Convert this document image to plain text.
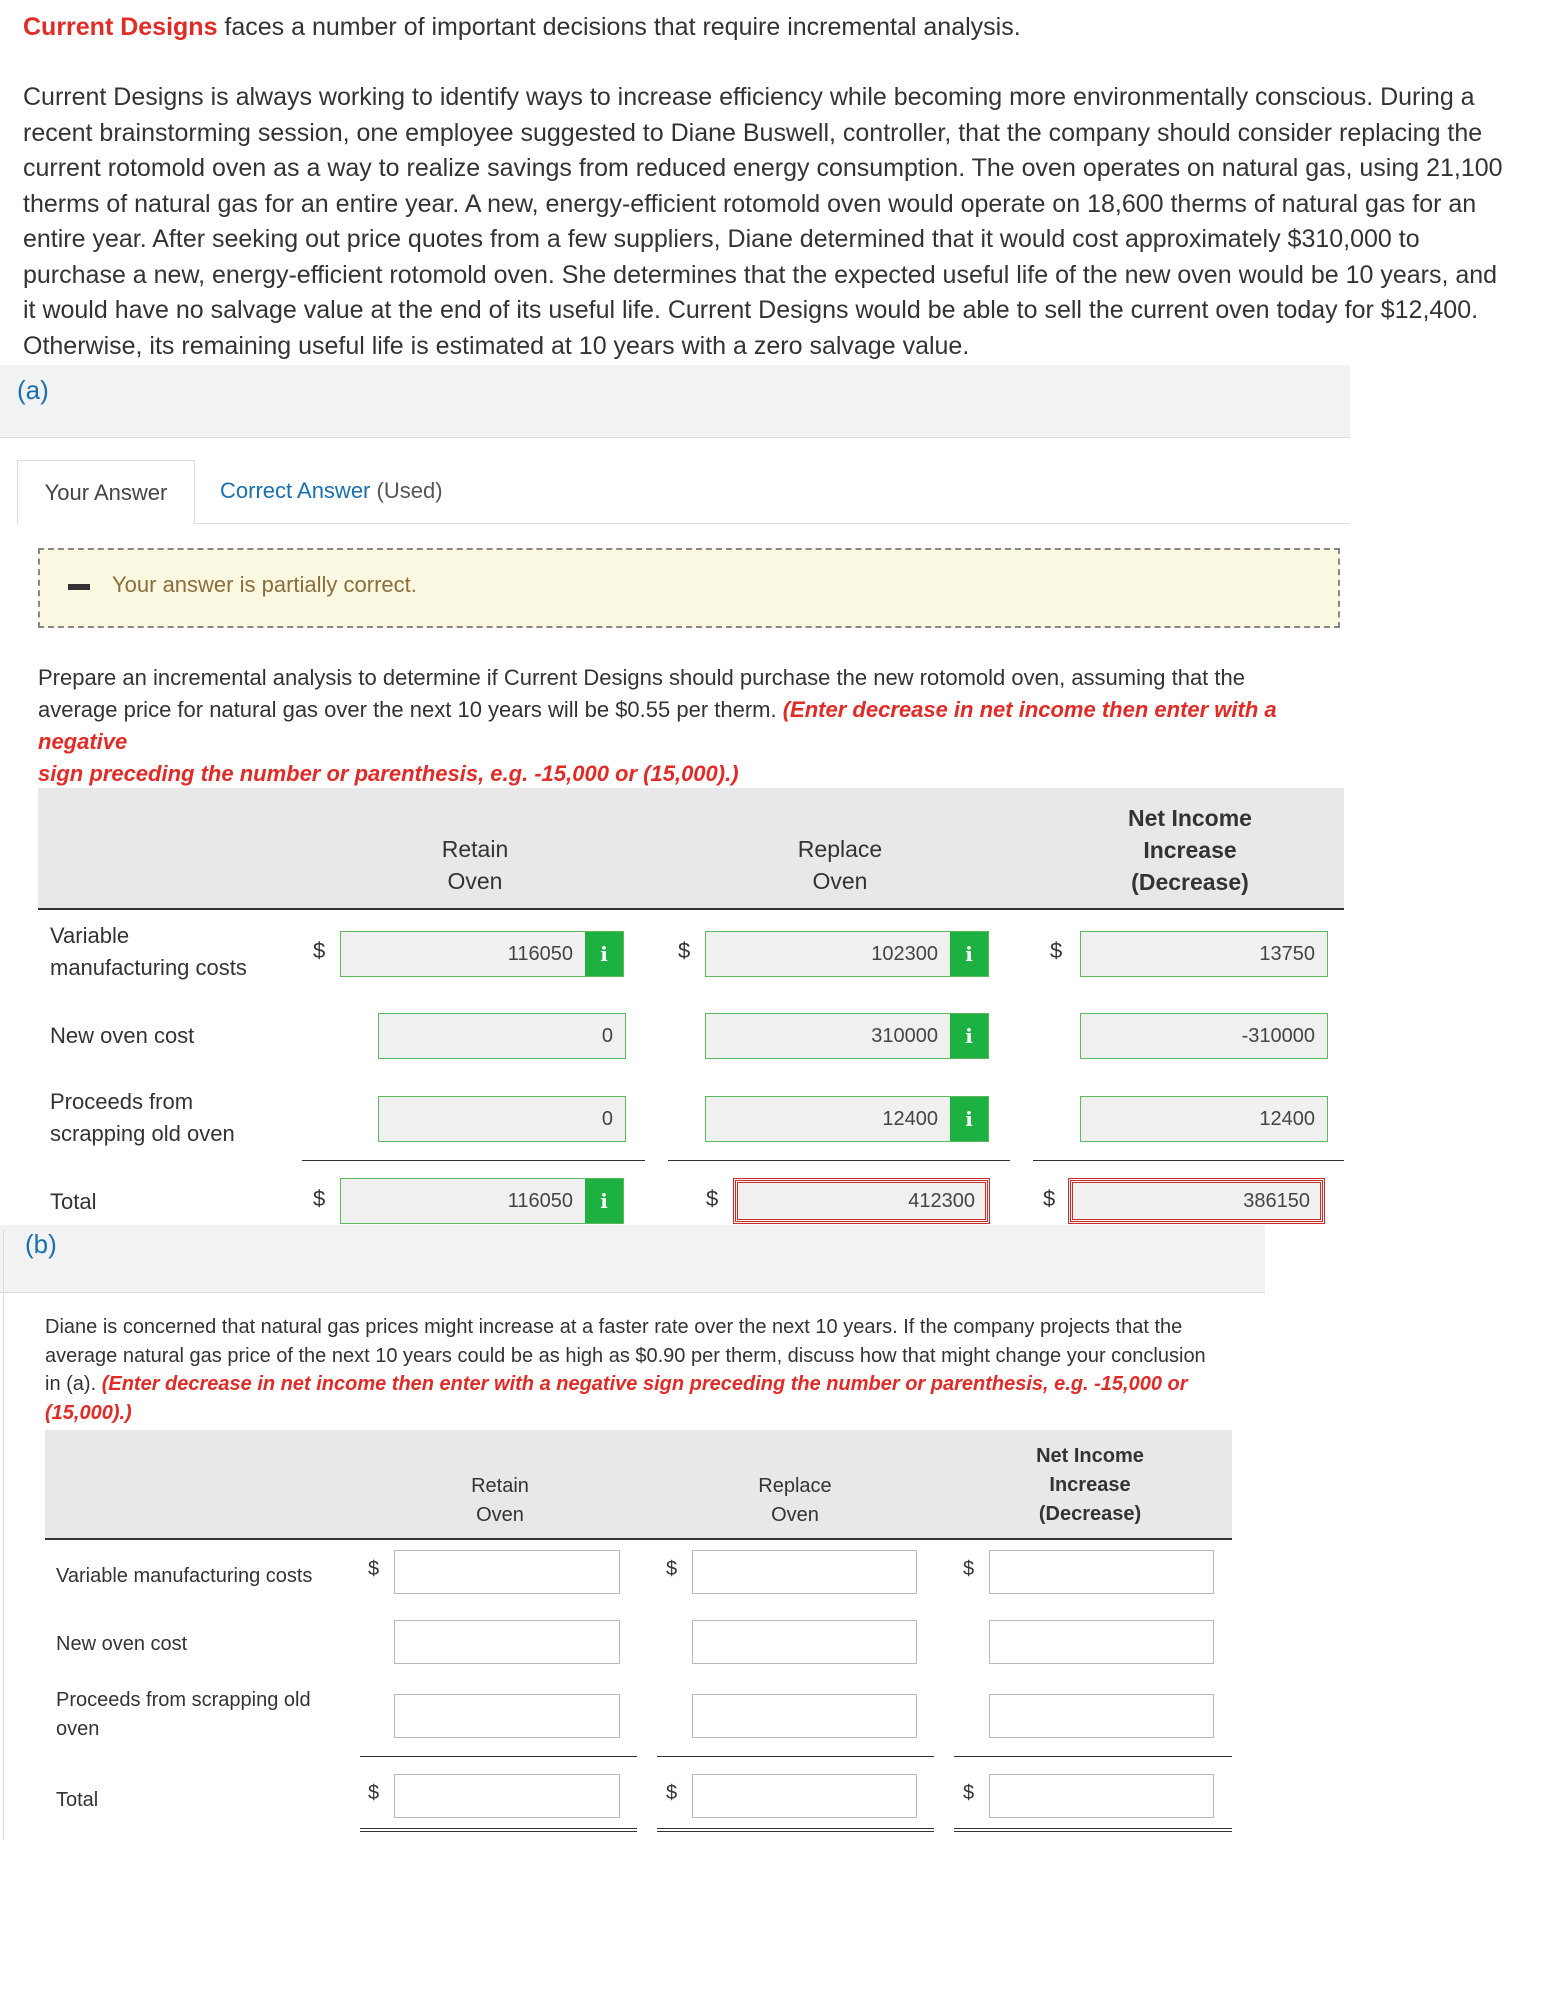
Current Designs faces a number of important decisions that require incremental analysis.
Current Designs is always working to identify ways to increase efficiency while becoming more environmentally conscious. During a
recent brainstorming session, one employee suggested to Diane Buswell, controller, that the company should consider replacing the
current rotomold oven as a way to realize savings from reduced energy consumption. The oven operates on natural gas, using 21,100
therms of natural gas for an entire year. A new, energy-efficient rotomold oven would operate on 18,600 therms of natural gas for an
entire year. After seeking out price quotes from a few suppliers, Diane determined that it would cost approximately $310,000 to
purchase a new, energy-efficient rotomold oven. She determines that the expected useful life of the new oven would be 10 years, and
it would have no salvage value at the end of its useful life. Current Designs would be able to sell the current oven today for $12,400.
Otherwise, its remaining useful life is estimated at 10 years with a zero salvage value.
(a)
Your Answer	Correct Answer (Used)
Your answer is partially correct.
Prepare an incremental analysis to determine if Current Designs should purchase the new rotomold oven, assuming that the
average price for natural gas over the next 10 years will be $0.55 per therm. (Enter decrease in net income then enter with a negative
sign preceding the number or parenthesis, e.g. -15,000 or (15,000).)
Retain
Oven
Replace
Oven
Net Income
Increase
(Decrease)
Variable
manufacturing costs
$	116050	i	$	102300	i	$	13750
New oven cost	0	310000	i	-310000
Proceeds from
scrapping old oven
0	12400	i	12400
Total	$	116050	i	$	412300	$	386150
(b)
Diane is concerned that natural gas prices might increase at a faster rate over the next 10 years. If the company projects that the
average natural gas price of the next 10 years could be as high as $0.90 per therm, discuss how that might change your conclusion
in (a). (Enter decrease in net income then enter with a negative sign preceding the number or parenthesis, e.g. -15,000 or (15,000).)
Retain
Oven
Replace
Oven
Net Income
Increase
(Decrease)
Variable manufacturing costs	$	$	$
New oven cost
Proceeds from scrapping old
oven
Total	$	$	$
